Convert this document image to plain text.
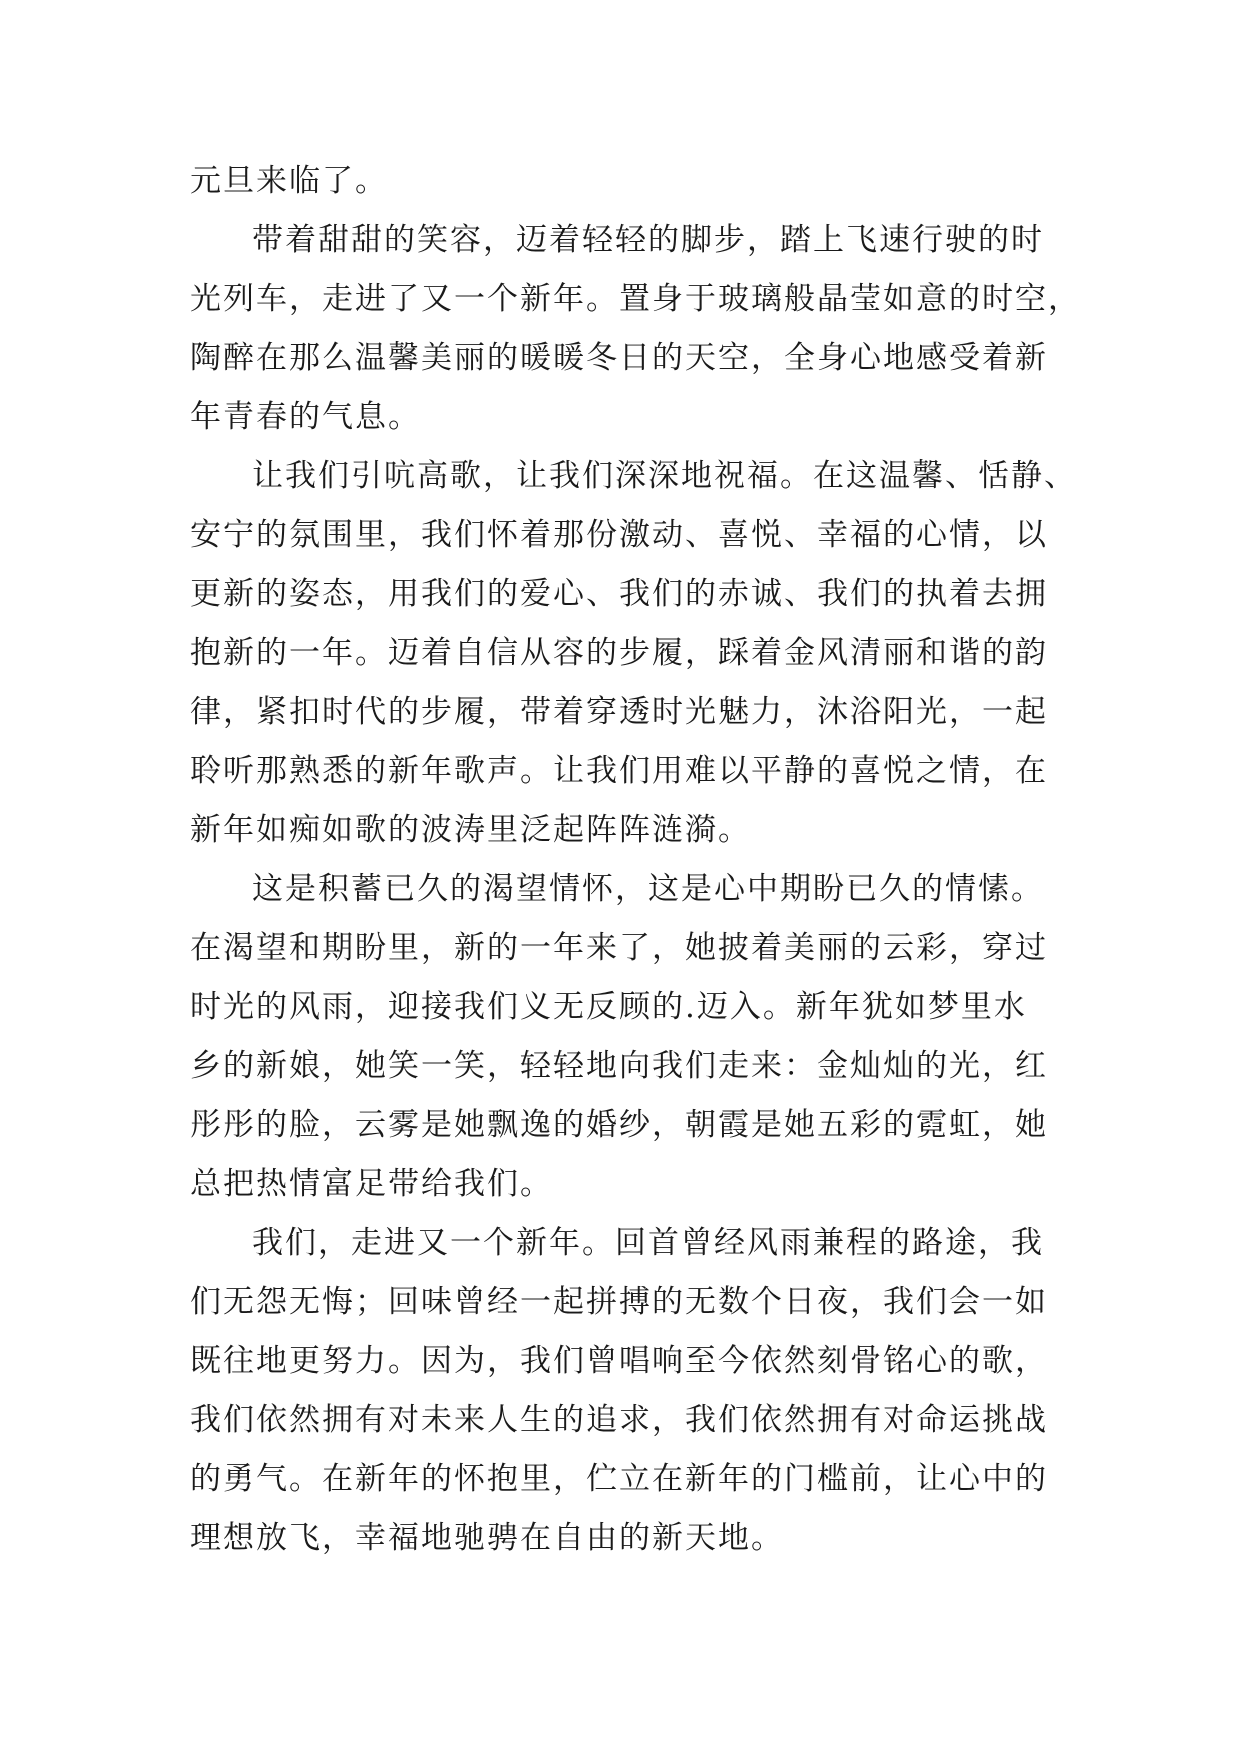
元旦来临了。
带着甜甜的笑容，迈着轻轻的脚步，踏上飞速行驶的时
光列车，走进了又一个新年。置身于玻璃般晶莹如意的时空，
陶醉在那么温馨美丽的暖暖冬日的天空，全身心地感受着新
年青春的气息。
让我们引吭高歌，让我们深深地祝福。在这温馨、恬静、
安宁的氛围里，我们怀着那份激动、喜悦、幸福的心情，以
更新的姿态，用我们的爱心、我们的赤诚、我们的执着去拥
抱新的一年。迈着自信从容的步履，踩着金风清丽和谐的韵
律，紧扣时代的步履，带着穿透时光魅力，沐浴阳光，一起
聆听那熟悉的新年歌声。让我们用难以平静的喜悦之情，在
新年如痴如歌的波涛里泛起阵阵涟漪。
这是积蓄已久的渴望情怀，这是心中期盼已久的情愫。
在渴望和期盼里，新的一年来了，她披着美丽的云彩，穿过
时光的风雨，迎接我们义无反顾的.迈入。新年犹如梦里水
乡的新娘，她笑一笑，轻轻地向我们走来：金灿灿的光，红
彤彤的脸，云雾是她飘逸的婚纱，朝霞是她五彩的霓虹，她
总把热情富足带给我们。
我们，走进又一个新年。回首曾经风雨兼程的路途，我
们无怨无悔；回味曾经一起拼搏的无数个日夜，我们会一如
既往地更努力。因为，我们曾唱响至今依然刻骨铭心的歌，
我们依然拥有对未来人生的追求，我们依然拥有对命运挑战
的勇气。在新年的怀抱里，伫立在新年的门槛前，让心中的
理想放飞，幸福地驰骋在自由的新天地。
